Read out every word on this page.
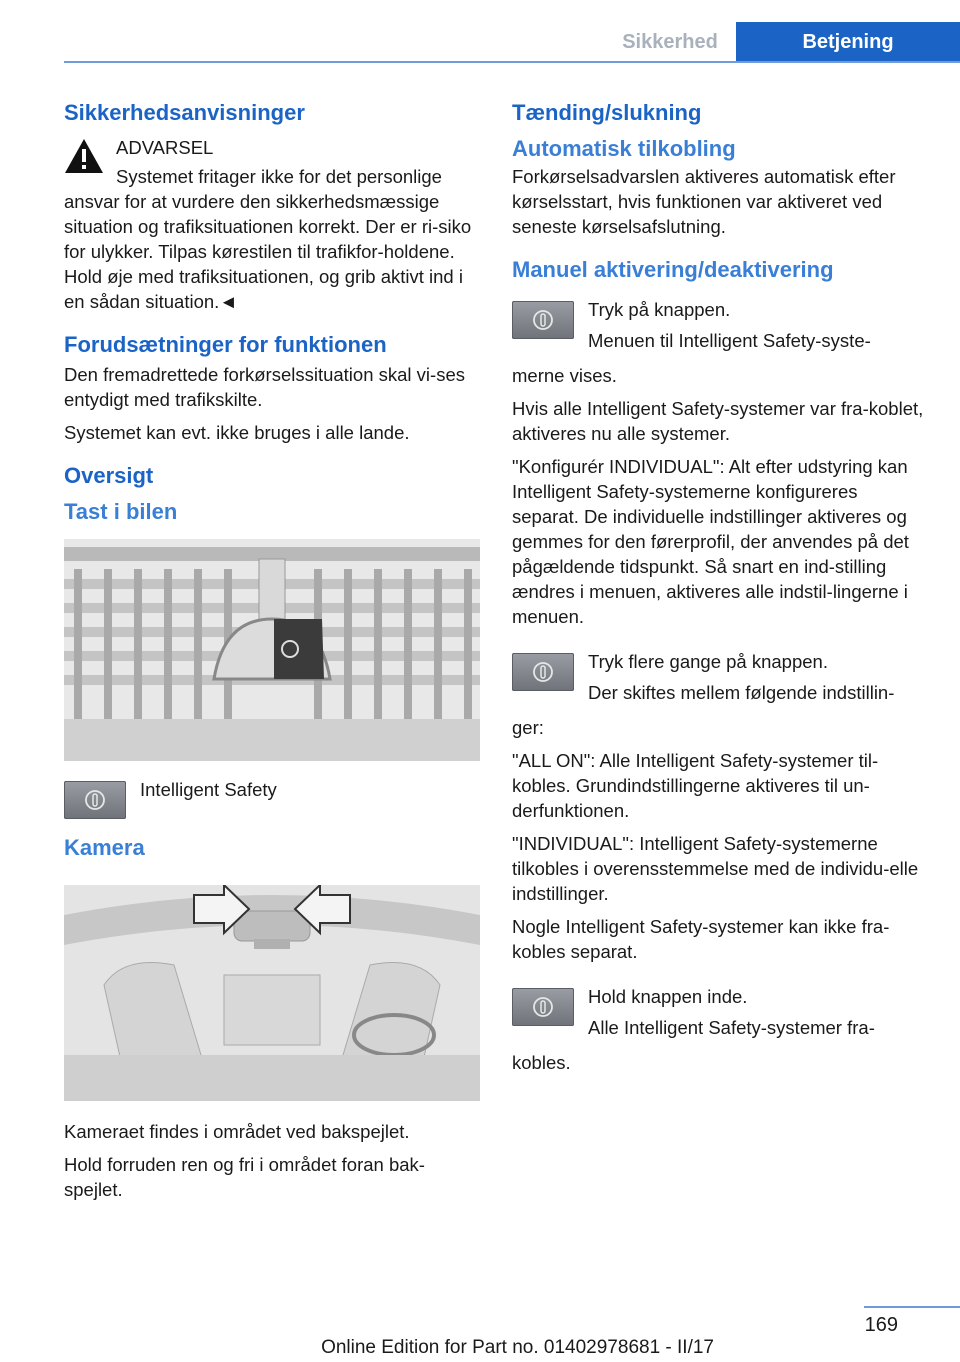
Sikkerhed	Betjening
Sikkerhedsanvisninger

ADVARSEL

Systemet fritager ikke for det personlige ansvar for at vurdere den sikkerhedsmæssige situation og trafiksituationen korrekt. Der er ri-siko for ulykker. Tilpas kørestilen til trafikfor-holdene. Hold øje med trafiksituationen, og grib aktivt ind i en sådan situation.◄

Forudsætninger for funktionen

Den fremadrettede forkørselssituation skal vi-ses entydigt med trafikskilte.

Systemet kan evt. ikke bruges i alle lande.

Oversigt
Tast i bilen

Intelligent Safety

Kamera

Kameraet findes i området ved bakspejlet.

Hold forruden ren og fri i området foran bak-spejlet.

Tænding/slukning
Automatisk tilkobling

Forkørselsadvarslen aktiveres automatisk efter kørselsstart, hvis funktionen var aktiveret ved seneste kørselsafslutning.

Manuel aktivering/deaktivering

Tryk på knappen.

Menuen til Intelligent Safety-syste-

merne vises.

Hvis alle Intelligent Safety-systemer var fra-koblet, aktiveres nu alle systemer.

"Konfigurér INDIVIDUAL": Alt efter udstyring kan Intelligent Safety-systemerne konfigureres separat. De individuelle indstillinger aktiveres og gemmes for den førerprofil, der anvendes på det pågældende tidspunkt. Så snart en ind-stilling ændres i menuen, aktiveres alle indstil-lingerne i menuen.

Tryk flere gange på knappen.

Der skiftes mellem følgende indstillin-

ger:

"ALL ON": Alle Intelligent Safety-systemer til-kobles. Grundindstillingerne aktiveres til un-derfunktionen.

"INDIVIDUAL": Intelligent Safety-systemerne tilkobles i overensstemmelse med de individu-elle indstillinger.

Nogle Intelligent Safety-systemer kan ikke fra-kobles separat.

Hold knappen inde.

Alle Intelligent Safety-systemer fra-

kobles.

169
Online Edition for Part no. 01402978681 - II/17
